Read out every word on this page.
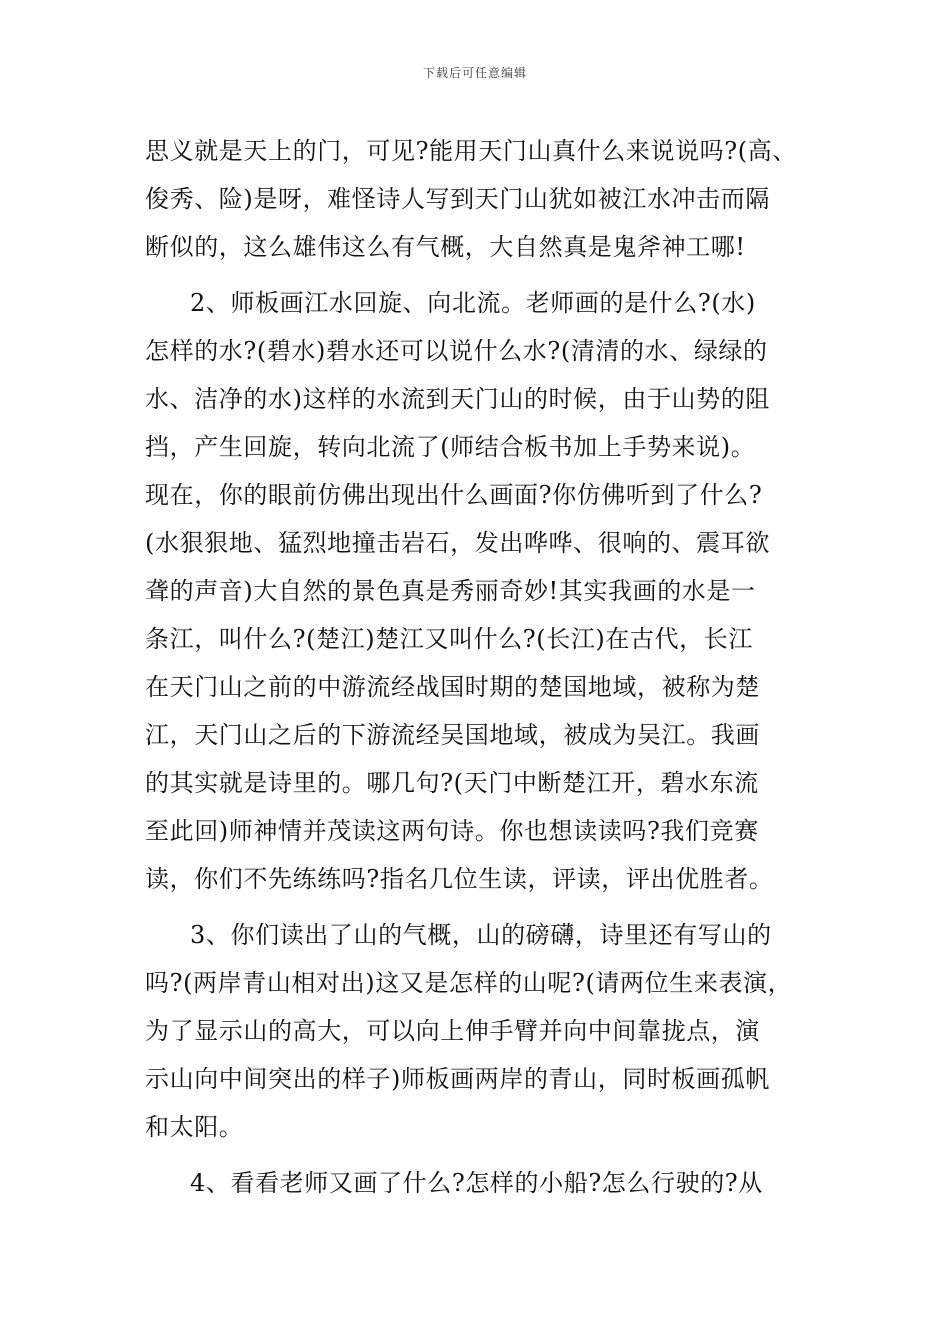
下载后可任意编辑
思义就是天上的门，可见?能用天门山真什么来说说吗?(高、
俊秀、险)是呀，难怪诗人写到天门山犹如被江水冲击而隔
断似的，这么雄伟这么有气概，大自然真是鬼斧神工哪!
2、师板画江水回旋、向北流。老师画的是什么?(水)
怎样的水?(碧水)碧水还可以说什么水?(清清的水、绿绿的
水、洁净的水)这样的水流到天门山的时候，由于山势的阻
挡，产生回旋，转向北流了(师结合板书加上手势来说)。
现在，你的眼前仿佛出现出什么画面?你仿佛听到了什么?
(水狠狠地、猛烈地撞击岩石，发出哗哗、很响的、震耳欲
聋的声音)大自然的景色真是秀丽奇妙!其实我画的水是一
条江，叫什么?(楚江)楚江又叫什么?(长江)在古代，长江
在天门山之前的中游流经战国时期的楚国地域，被称为楚
江，天门山之后的下游流经吴国地域，被成为吴江。我画
的其实就是诗里的。哪几句?(天门中断楚江开，碧水东流
至此回)师神情并茂读这两句诗。你也想读读吗?我们竞赛
读，你们不先练练吗?指名几位生读，评读，评出优胜者。
3、你们读出了山的气概，山的磅礴，诗里还有写山的
吗?(两岸青山相对出)这又是怎样的山呢?(请两位生来表演，
为了显示山的高大，可以向上伸手臂并向中间靠拢点，演
示山向中间突出的样子)师板画两岸的青山，同时板画孤帆
和太阳。
4、看看老师又画了什么?怎样的小船?怎么行驶的?从
